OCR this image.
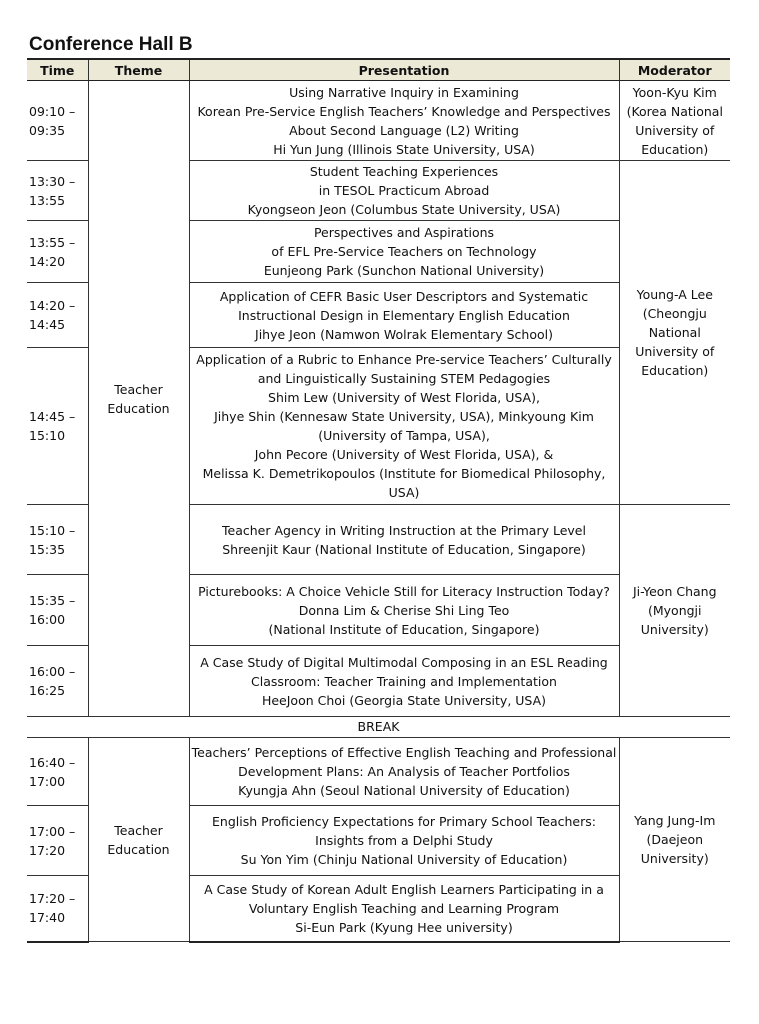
Conference Hall B
Time	Theme	Presentation	Moderator
09:10 – 09:35	Teacher Education	Using Narrative Inquiry in Examining
Korean Pre-Service English Teachers’ Knowledge and Perspectives
About Second Language (L2) Writing
Hi Yun Jung (Illinois State University, USA)	Yoon-Kyu Kim (Korea National University of Education)
13:30 – 13:55		Student Teaching Experiences
in TESOL Practicum Abroad
Kyongseon Jeon (Columbus State University, USA)	Young-A Lee (Cheongju National University of Education)
13:55 – 14:20		Perspectives and Aspirations
of EFL Pre-Service Teachers on Technology
Eunjeong Park (Sunchon National University)	

14:20 – 14:45		Application of CEFR Basic User Descriptors and Systematic Instructional Design in Elementary English Education
Jihye Jeon (Namwon Wolrak Elementary School)	

14:45 – 15:10		Application of a Rubric to Enhance Pre-service Teachers’ Culturally and Linguistically Sustaining STEM Pedagogies
Shim Lew (University of West Florida, USA),
Jihye Shin (Kennesaw State University, USA), Minkyoung Kim (University of Tampa, USA),
John Pecore (University of West Florida, USA), &
Melissa K. Demetrikopoulos (Institute for Biomedical Philosophy, USA)	

15:10 – 15:35		Teacher Agency in Writing Instruction at the Primary Level
Shreenjit Kaur (National Institute of Education, Singapore)	Ji-Yeon Chang (Myongji University)
15:35 – 16:00		Picturebooks: A Choice Vehicle Still for Literacy Instruction Today?
Donna Lim & Cherise Shi Ling Teo
(National Institute of Education, Singapore)	

16:00 – 16:25		A Case Study of Digital Multimodal Composing in an ESL Reading Classroom: Teacher Training and Implementation
HeeJoon Choi (Georgia State University, USA)	

BREAK			
16:40 – 17:00	Teacher Education	Teachers’ Perceptions of Effective English Teaching and Professional Development Plans: An Analysis of Teacher Portfolios
Kyungja Ahn (Seoul National University of Education)	Yang Jung-Im (Daejeon University)
17:00 – 17:20		English Proficiency Expectations for Primary School Teachers: Insights from a Delphi Study
Su Yon Yim (Chinju National University of Education)	

17:20 – 17:40		A Case Study of Korean Adult English Learners Participating in a Voluntary English Teaching and Learning Program
Si-Eun Park (Kyung Hee university)	
